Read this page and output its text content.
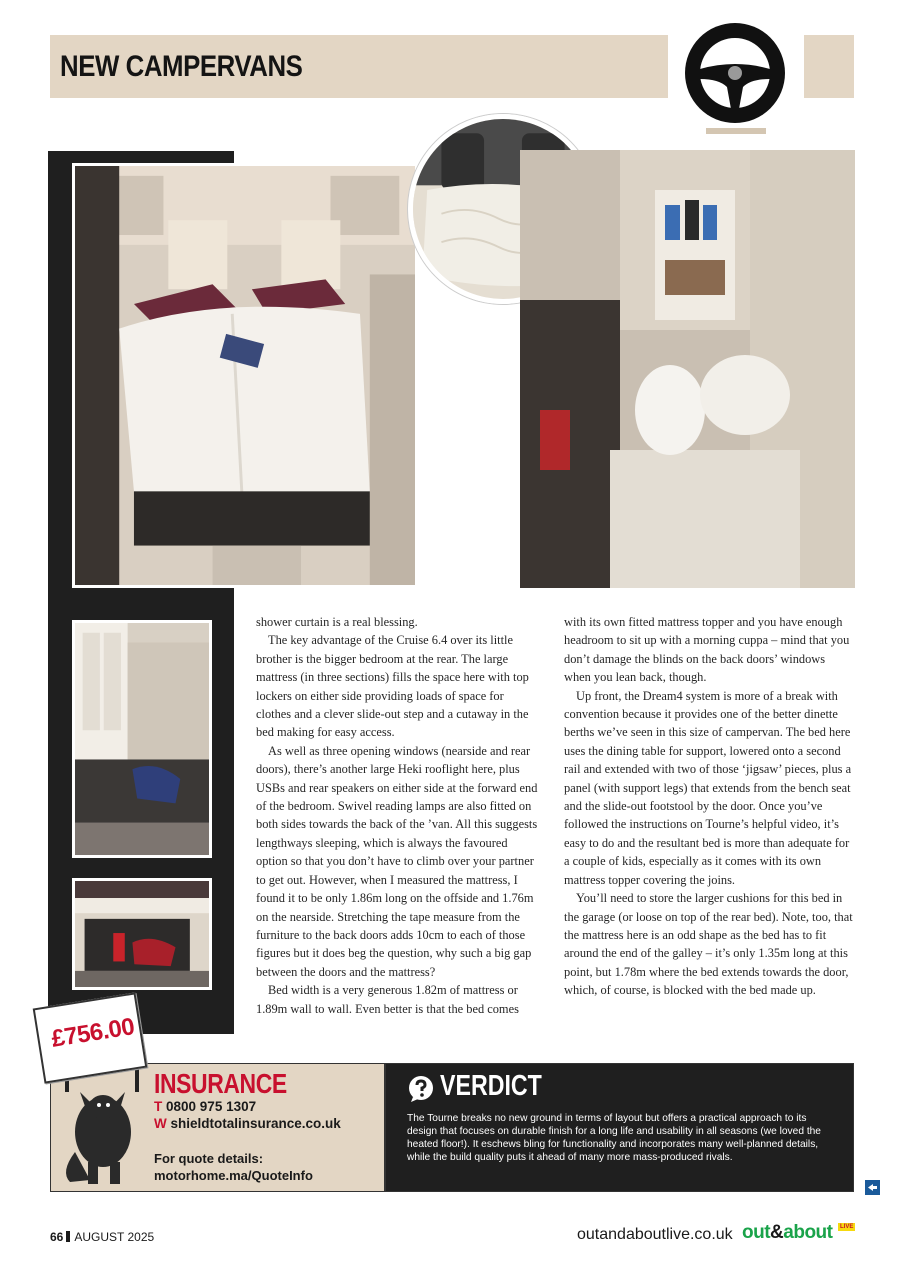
NEW CAMPERVANS

shower curtain is a real blessing.

The key advantage of the Cruise 6.4 over its little brother is the bigger bedroom at the rear. The large mattress (in three sections) fills the space here with top lockers on either side providing loads of space for clothes and a clever slide-out step and a cutaway in the bed making for easy access.

As well as three opening windows (nearside and rear doors), there’s another large Heki rooflight here, plus USBs and rear speakers on either side at the forward end of the bedroom. Swivel reading lamps are also fitted on both sides towards the back of the ’van. All this suggests lengthways sleeping, which is always the favoured option so that you don’t have to climb over your partner to get out. However, when I measured the mattress, I found it to be only 1.86m long on the offside and 1.76m on the nearside. Stretching the tape measure from the furniture to the back doors adds 10cm to each of those figures but it does beg the question, why such a big gap between the doors and the mattress?

Bed width is a very generous 1.82m of mattress or 1.89m wall to wall. Even better is that the bed comes

with its own fitted mattress topper and you have enough headroom to sit up with a morning cuppa – mind that you don’t damage the blinds on the back doors’ windows when you lean back, though.

Up front, the Dream4 system is more of a break with convention because it provides one of the better dinette berths we’ve seen in this size of campervan. The bed here uses the dining table for support, lowered onto a second rail and extended with two of those ‘jigsaw’ pieces, plus a panel (with support legs) that extends from the bench seat and the slide-out footstool by the door. Once you’ve followed the instructions on Tourne’s helpful video, it’s easy to do and the resultant bed is more than adequate for a couple of kids, especially as it comes with its own mattress topper covering the joins.

You’ll need to store the larger cushions for this bed in the garage (or loose on top of the rear bed). Note, too, that the mattress here is an odd shape as the bed has to fit around the end of the galley – it’s only 1.35m long at this point, but 1.78m where the bed extends towards the door, which, of course, is blocked with the bed made up.

£756.00
INSURANCE
T 0800 975 1307
W shieldtotalinsurance.co.uk
For quote details:
motorhome.ma/QuoteInfo
VERDICT
The Tourne breaks no new ground in terms of layout but offers a practical approach to its design that focuses on durable finish for a long life and usability in all seasons (we loved the heated floor!). It eschews bling for functionality and incorporates many well-planned details, while the build quality puts it ahead of many more mass-produced rivals.
66 AUGUST 2025	outandaboutlive.co.uk out&about	LIVE
